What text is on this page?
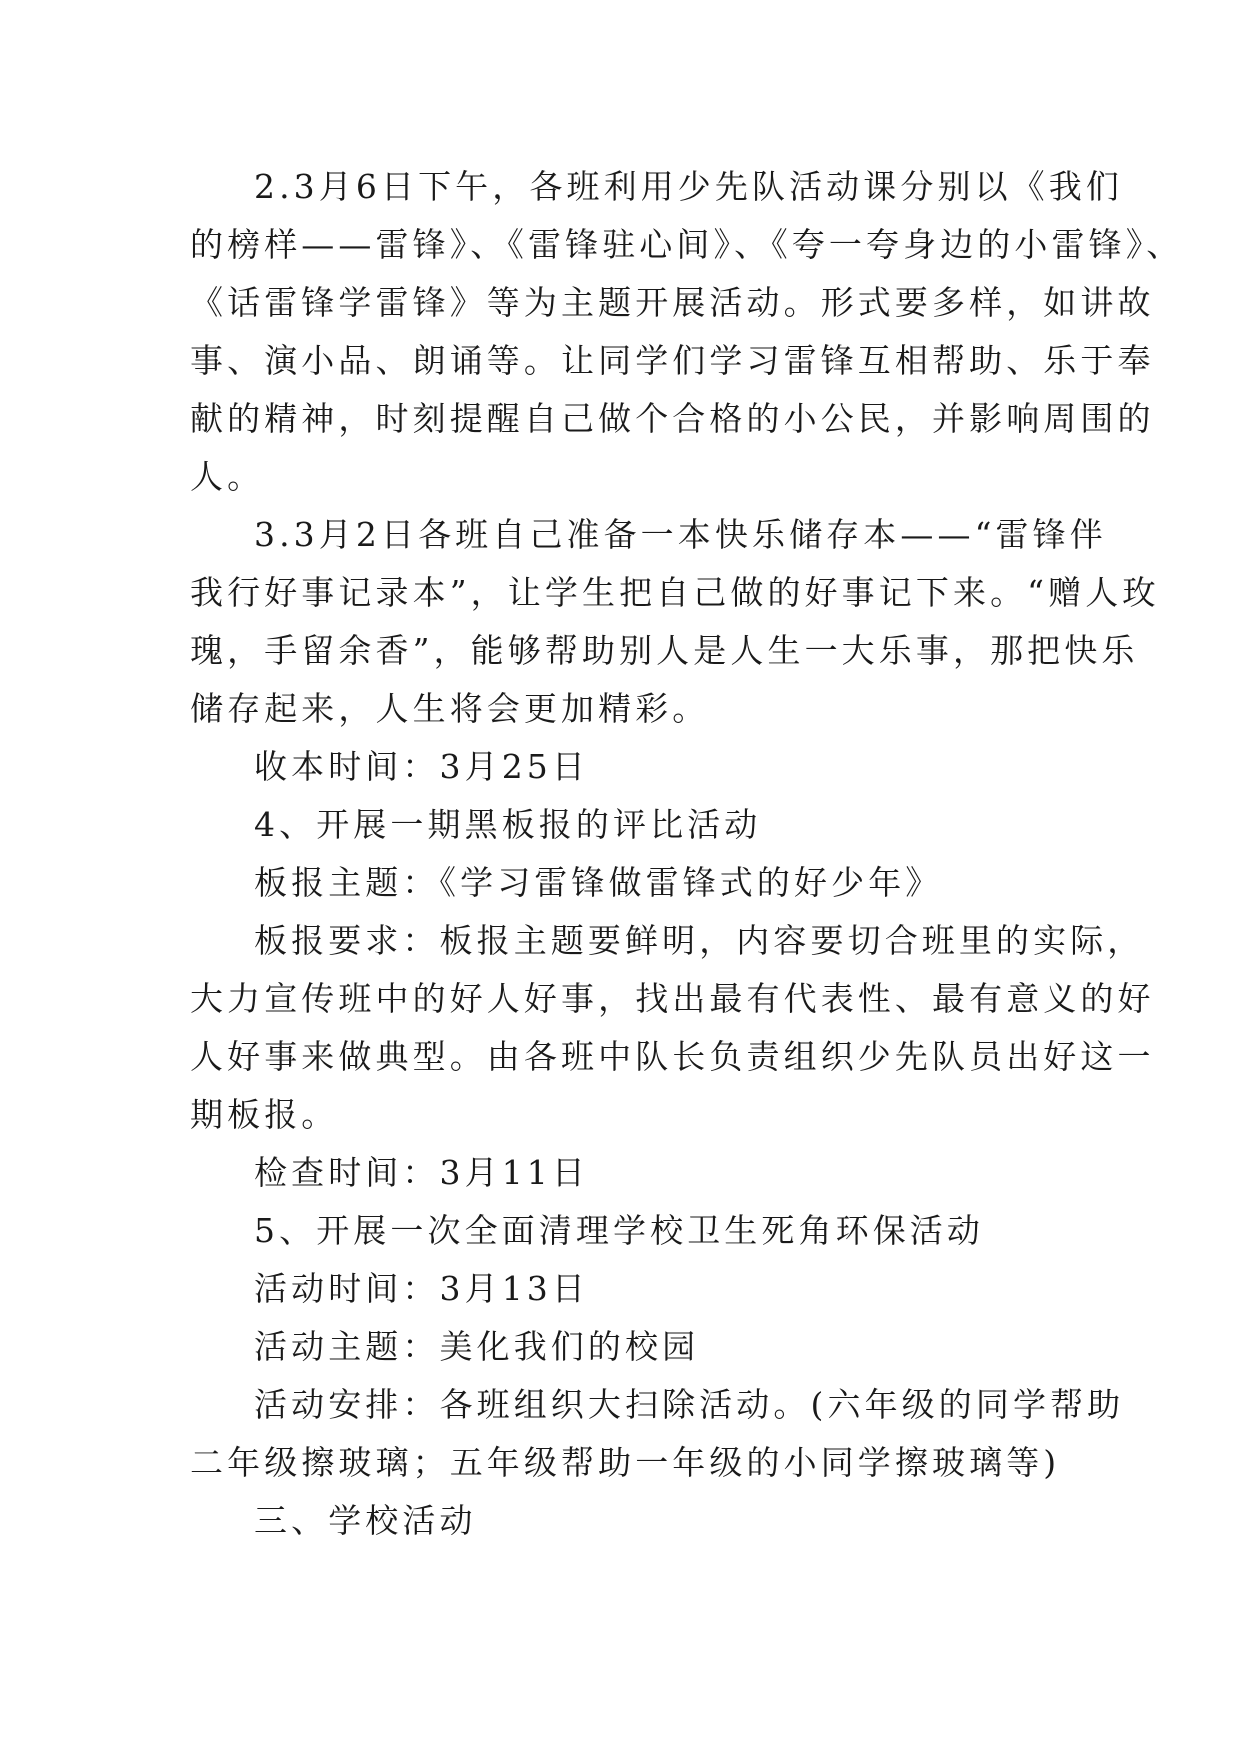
2.3月6日下午，各班利用少先队活动课分别以《我们
的榜样——雷锋》、《雷锋驻心间》、《夸一夸身边的小雷锋》、
《话雷锋学雷锋》等为主题开展活动。形式要多样，如讲故
事、演小品、朗诵等。让同学们学习雷锋互相帮助、乐于奉
献的精神，时刻提醒自己做个合格的小公民，并影响周围的
人。
3.3月2日各班自己准备一本快乐储存本——“雷锋伴
我行好事记录本”，让学生把自己做的好事记下来。“赠人玫
瑰，手留余香”，能够帮助别人是人生一大乐事，那把快乐
储存起来，人生将会更加精彩。
收本时间：3月25日
4、开展一期黑板报的评比活动
板报主题：《学习雷锋做雷锋式的好少年》
板报要求：板报主题要鲜明，内容要切合班里的实际，
大力宣传班中的好人好事，找出最有代表性、最有意义的好
人好事来做典型。由各班中队长负责组织少先队员出好这一
期板报。
检查时间：3月11日
5、开展一次全面清理学校卫生死角环保活动
活动时间：3月13日
活动主题：美化我们的校园
活动安排：各班组织大扫除活动。(六年级的同学帮助
二年级擦玻璃；五年级帮助一年级的小同学擦玻璃等)
三、学校活动
